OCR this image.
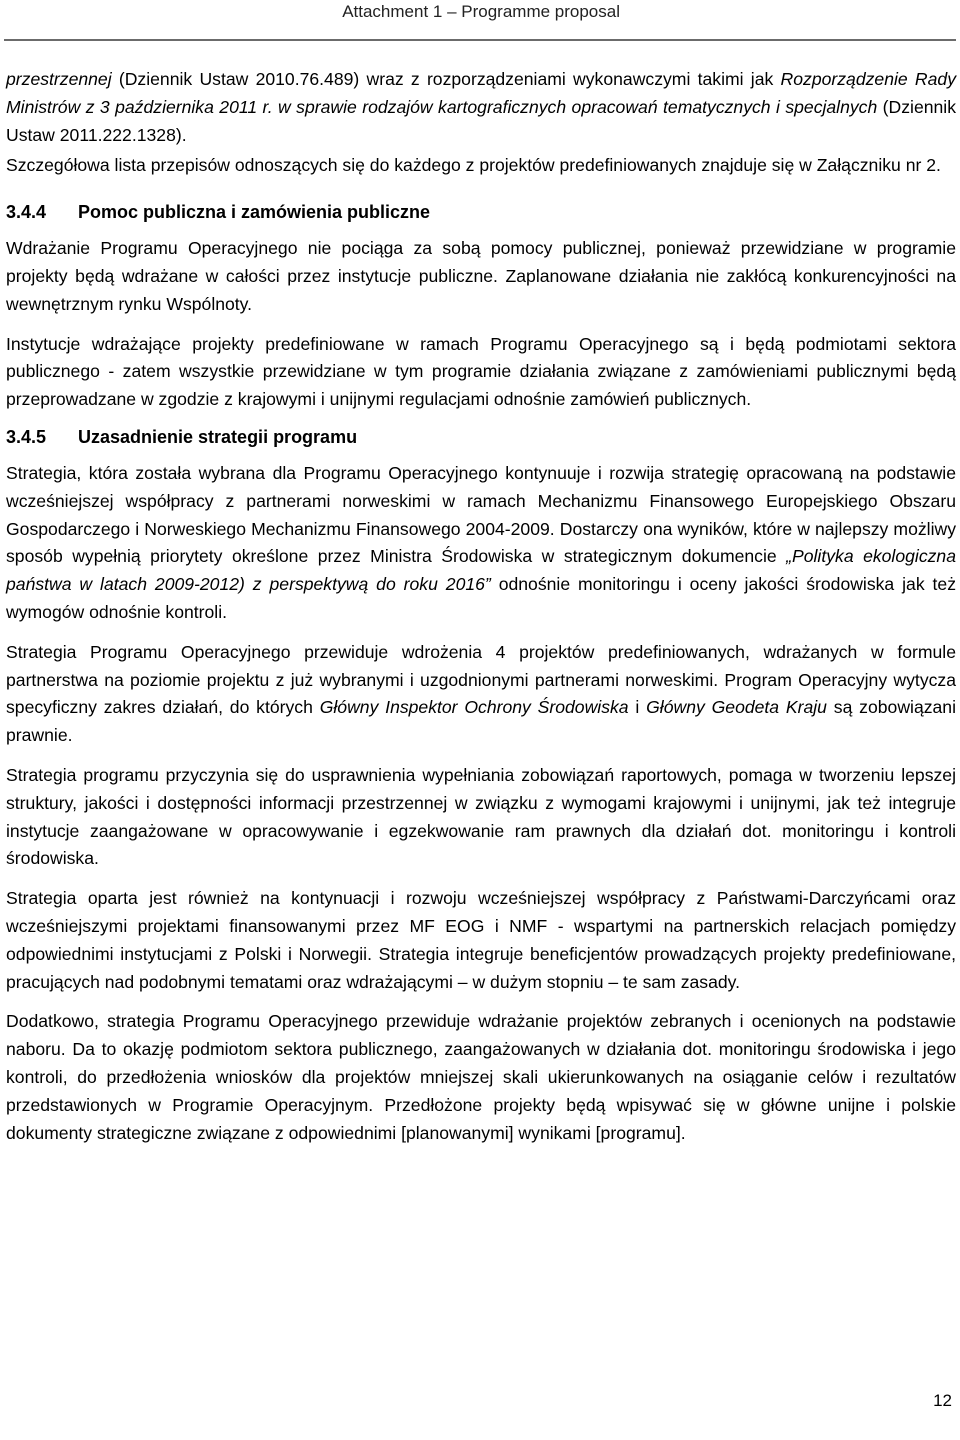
Attachment 1 – Programme proposal

przestrzennej (Dziennik Ustaw 2010.76.489) wraz z rozporządzeniami wykonawczymi takimi jak Rozporządzenie Rady Ministrów z 3 października 2011 r. w sprawie rodzajów kartograficznych opracowań tematycznych i specjalnych (Dziennik Ustaw 2011.222.1328).

Szczegółowa lista przepisów odnoszących się do każdego z projektów predefiniowanych znajduje się w Załączniku nr 2.

3.4.4	Pomoc publiczna i zamówienia publiczne

Wdrażanie Programu Operacyjnego nie pociąga za sobą pomocy publicznej, ponieważ przewidziane w programie projekty będą wdrażane w całości przez instytucje publiczne. Zaplanowane działania nie zakłócą konkurencyjności na wewnętrznym rynku Wspólnoty.

Instytucje wdrażające projekty predefiniowane w ramach Programu Operacyjnego są i będą podmiotami sektora publicznego - zatem wszystkie przewidziane w tym programie działania związane z zamówieniami publicznymi będą przeprowadzane w zgodzie z krajowymi i unijnymi regulacjami odnośnie zamówień publicznych.

3.4.5	Uzasadnienie strategii programu

Strategia, która została wybrana dla Programu Operacyjnego kontynuuje i rozwija strategię opracowaną na podstawie wcześniejszej współpracy z partnerami norweskimi w ramach Mechanizmu Finansowego Europejskiego Obszaru Gospodarczego i Norweskiego Mechanizmu Finansowego 2004-2009. Dostarczy ona wyników, które w najlepszy możliwy sposób wypełnią priorytety określone przez Ministra Środowiska w strategicznym dokumencie „Polityka ekologiczna państwa w latach 2009-2012) z perspektywą do roku 2016” odnośnie monitoringu i oceny jakości środowiska jak też wymogów odnośnie kontroli.

Strategia Programu Operacyjnego przewiduje wdrożenia 4 projektów predefiniowanych, wdrażanych w formule partnerstwa na poziomie projektu z już wybranymi i uzgodnionymi partnerami norweskimi. Program Operacyjny wytycza specyficzny zakres działań, do których Główny Inspektor Ochrony Środowiska i Główny Geodeta Kraju są zobowiązani prawnie.

Strategia programu przyczynia się do usprawnienia wypełniania zobowiązań raportowych, pomaga w tworzeniu lepszej struktury, jakości i dostępności informacji przestrzennej w związku z wymogami krajowymi i unijnymi, jak też integruje instytucje zaangażowane w opracowywanie i egzekwowanie ram prawnych dla działań dot. monitoringu i kontroli środowiska.

Strategia oparta jest również na kontynuacji i rozwoju wcześniejszej współpracy z Państwami-Darczyńcami oraz wcześniejszymi projektami finansowanymi przez MF EOG i NMF - wspartymi na partnerskich relacjach pomiędzy odpowiednimi instytucjami z Polski i Norwegii. Strategia integruje beneficjentów prowadzących projekty predefiniowane, pracujących nad podobnymi tematami oraz wdrażającymi – w dużym stopniu – te sam zasady.

Dodatkowo, strategia Programu Operacyjnego przewiduje wdrażanie projektów zebranych i ocenionych na podstawie naboru. Da to okazję podmiotom sektora publicznego, zaangażowanych w działania dot. monitoringu środowiska i jego kontroli, do przedłożenia wniosków dla projektów mniejszej skali ukierunkowanych na osiąganie celów i rezultatów przedstawionych w Programie Operacyjnym. Przedłożone projekty będą wpisywać się w główne unijne i polskie dokumenty strategiczne związane z odpowiednimi [planowanymi] wynikami [programu].

12
